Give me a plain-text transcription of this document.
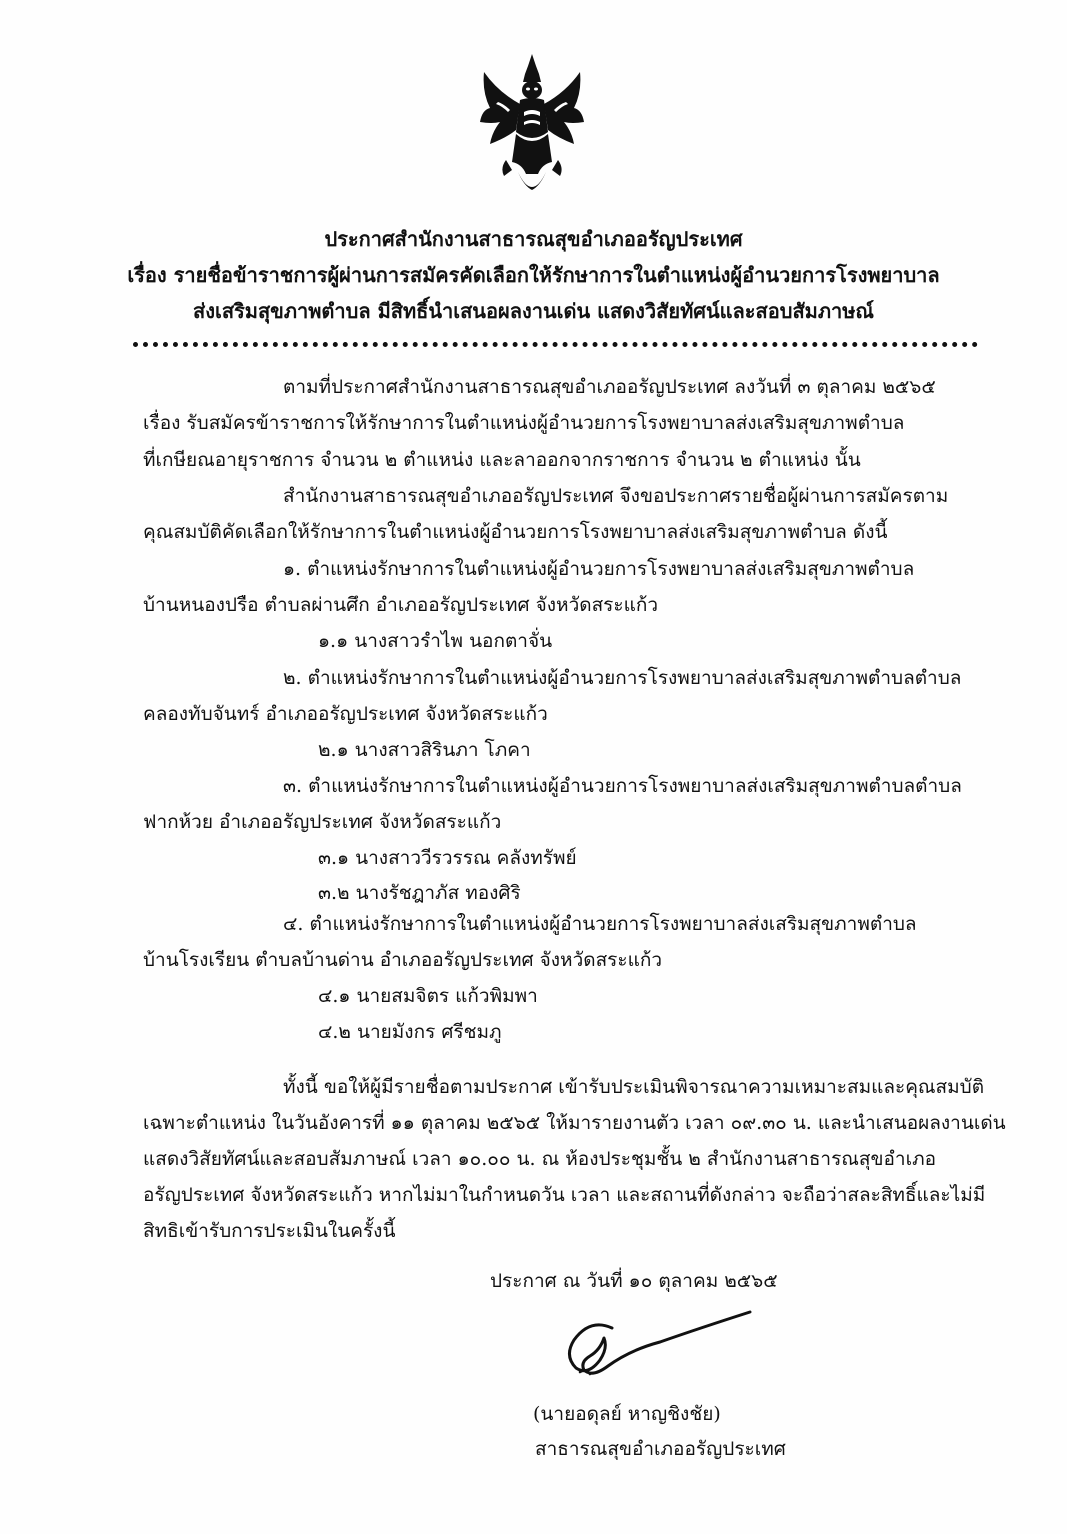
ประกาศสำนักงานสาธารณสุขอำเภออรัญประเทศ
เรื่อง รายชื่อข้าราชการผู้ผ่านการสมัครคัดเลือกให้รักษาการในตำแหน่งผู้อำนวยการโรงพยาบาล
ส่งเสริมสุขภาพตำบล มีสิทธิ์นำเสนอผลงานเด่น แสดงวิสัยทัศน์และสอบสัมภาษณ์
ตามที่ประกาศสำนักงานสาธารณสุขอำเภออรัญประเทศ ลงวันที่ ๓ ตุลาคม ๒๕๖๕
เรื่อง รับสมัครข้าราชการให้รักษาการในตำแหน่งผู้อำนวยการโรงพยาบาลส่งเสริมสุขภาพตำบล
ที่เกษียณอายุราชการ จำนวน ๒ ตำแหน่ง และลาออกจากราชการ จำนวน ๒ ตำแหน่ง นั้น
สำนักงานสาธารณสุขอำเภออรัญประเทศ จึงขอประกาศรายชื่อผู้ผ่านการสมัครตาม
คุณสมบัติคัดเลือกให้รักษาการในตำแหน่งผู้อำนวยการโรงพยาบาลส่งเสริมสุขภาพตำบล ดังนี้
๑. ตำแหน่งรักษาการในตำแหน่งผู้อำนวยการโรงพยาบาลส่งเสริมสุขภาพตำบล
บ้านหนองปรือ ตำบลผ่านศึก อำเภออรัญประเทศ จังหวัดสระแก้ว
๑.๑ นางสาวรำไพ นอกตาจั่น
๒. ตำแหน่งรักษาการในตำแหน่งผู้อำนวยการโรงพยาบาลส่งเสริมสุขภาพตำบลตำบล
คลองทับจันทร์ อำเภออรัญประเทศ จังหวัดสระแก้ว
๒.๑ นางสาวสิรินภา โภคา
๓. ตำแหน่งรักษาการในตำแหน่งผู้อำนวยการโรงพยาบาลส่งเสริมสุขภาพตำบลตำบล
ฟากห้วย อำเภออรัญประเทศ จังหวัดสระแก้ว
๓.๑ นางสาววีรวรรณ คลังทรัพย์
๓.๒ นางรัชฎาภัส ทองศิริ
๔. ตำแหน่งรักษาการในตำแหน่งผู้อำนวยการโรงพยาบาลส่งเสริมสุขภาพตำบล
บ้านโรงเรียน ตำบลบ้านด่าน อำเภออรัญประเทศ จังหวัดสระแก้ว
๔.๑ นายสมจิตร แก้วพิมพา
๔.๒ นายมังกร ศรีชมภู
ทั้งนี้ ขอให้ผู้มีรายชื่อตามประกาศ เข้ารับประเมินพิจารณาความเหมาะสมและคุณสมบัติ
เฉพาะตำแหน่ง ในวันอังคารที่ ๑๑ ตุลาคม ๒๕๖๕ ให้มารายงานตัว เวลา ๐๙.๓๐ น. และนำเสนอผลงานเด่น
แสดงวิสัยทัศน์และสอบสัมภาษณ์ เวลา ๑๐.๐๐ น. ณ ห้องประชุมชั้น ๒ สำนักงานสาธารณสุขอำเภอ
อรัญประเทศ จังหวัดสระแก้ว หากไม่มาในกำหนดวัน เวลา และสถานที่ดังกล่าว จะถือว่าสละสิทธิ์และไม่มี
สิทธิเข้ารับการประเมินในครั้งนี้
ประกาศ ณ วันที่ ๑๐ ตุลาคม ๒๕๖๕
(นายอดุลย์ หาญชิงชัย)
สาธารณสุขอำเภออรัญประเทศ
